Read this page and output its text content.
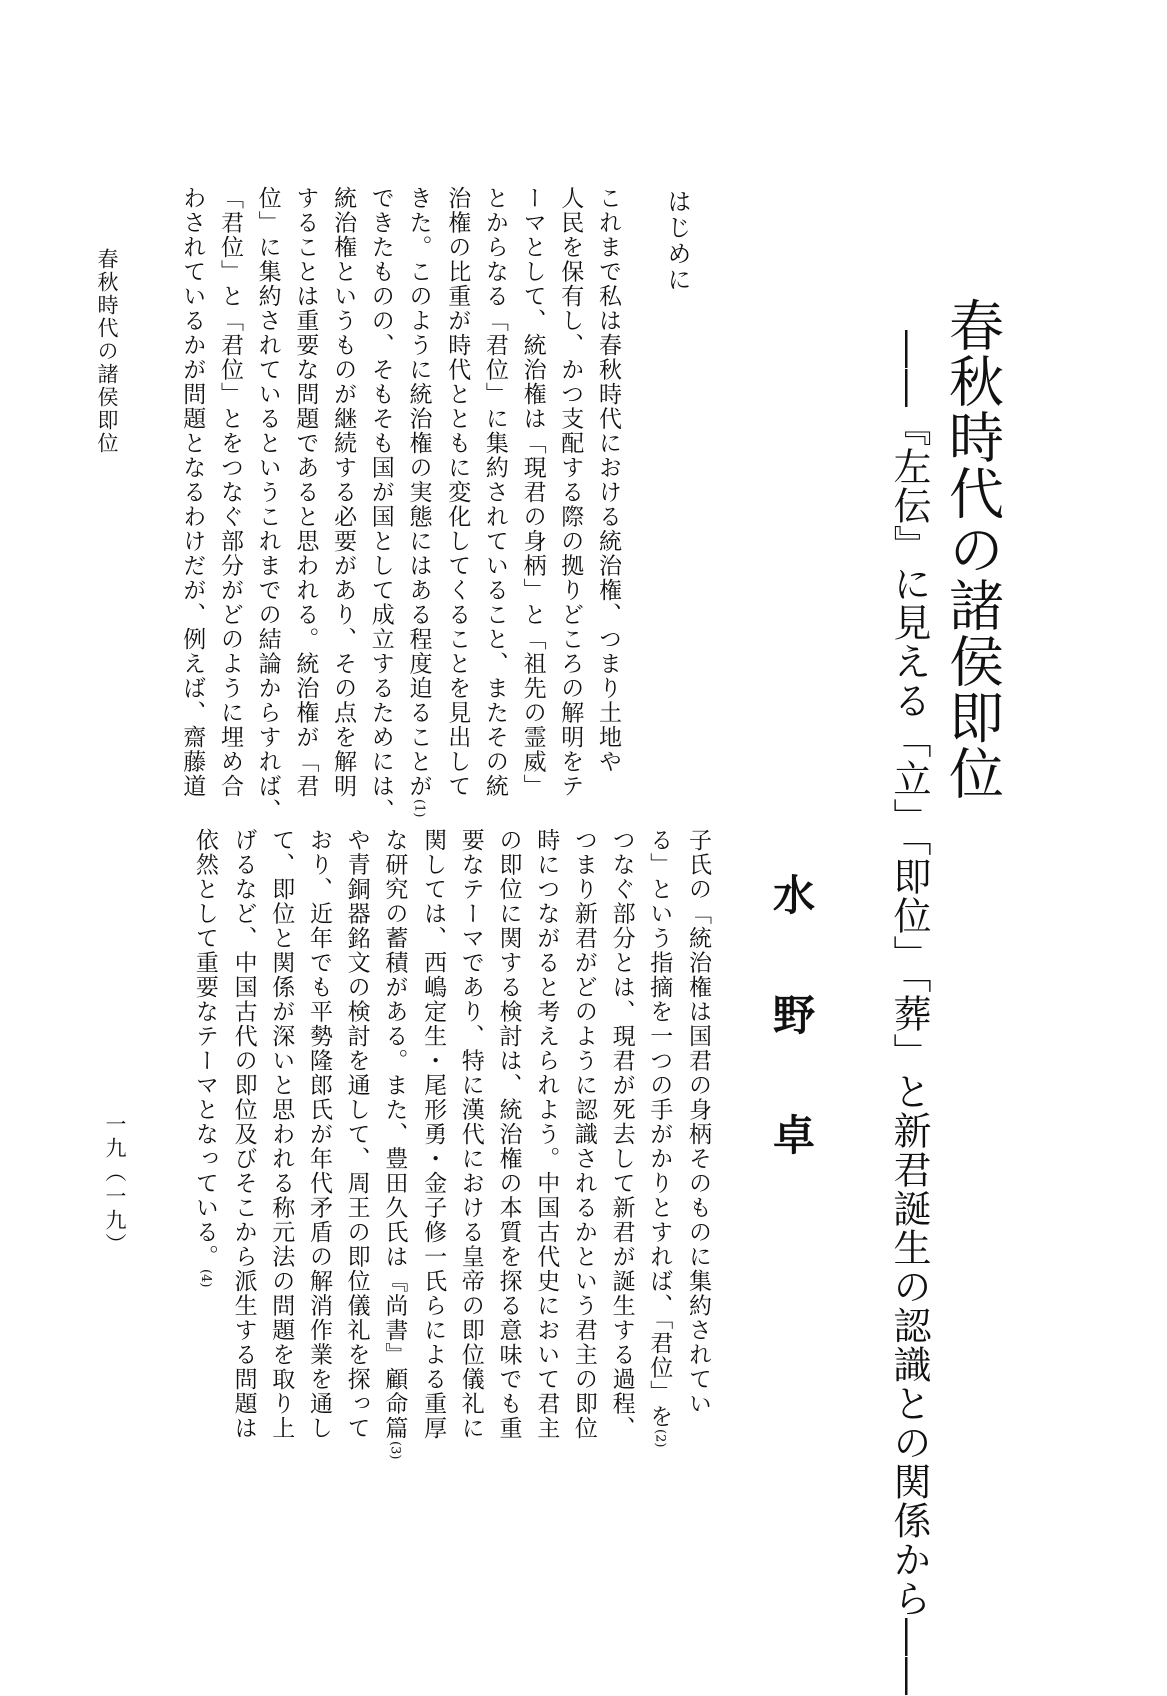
春秋時代の諸侯即位
――『左伝』に見える「立」「即位」「葬」と新君誕生の認識との関係から――
水野卓
はじめに
これまで私は春秋時代における統治権、つまり土地や
人民を保有し、かつ支配する際の拠りどころの解明をテ
ーマとして、統治権は「現君の身柄」と「祖先の霊威」
とからなる「君位」に集約されていること、またその統
治権の比重が時代とともに変化してくることを見出して
きた。このように統治権の実態にはある程度迫ることが(1)
できたものの、そもそも国が国として成立するためには、
統治権というものが継続する必要があり、その点を解明
することは重要な問題であると思われる。統治権が「君
位」に集約されているというこれまでの結論からすれば、
「君位」と「君位」とをつなぐ部分がどのように埋め合
わされているかが問題となるわけだが、例えば、齋藤道
子氏の「統治権は国君の身柄そのものに集約されてい
る」という指摘を一つの手がかりとすれば、「君位」を(2)
つなぐ部分とは、現君が死去して新君が誕生する過程、
つまり新君がどのように認識されるかという君主の即位
時につながると考えられよう。中国古代史において君主
の即位に関する検討は、統治権の本質を探る意味でも重
要なテーマであり、特に漢代における皇帝の即位儀礼に
関しては、西嶋定生・尾形勇・金子修一氏らによる重厚
な研究の蓄積がある。また、豊田久氏は『尚書』顧命篇(3)
や青銅器銘文の検討を通して、周王の即位儀礼を探って
おり、近年でも平勢隆郎氏が年代矛盾の解消作業を通し
て、即位と関係が深いと思われる称元法の問題を取り上
げるなど、中国古代の即位及びそこから派生する問題は
依然として重要なテーマとなっている。(4)
春秋時代の諸侯即位
一九（一九）
